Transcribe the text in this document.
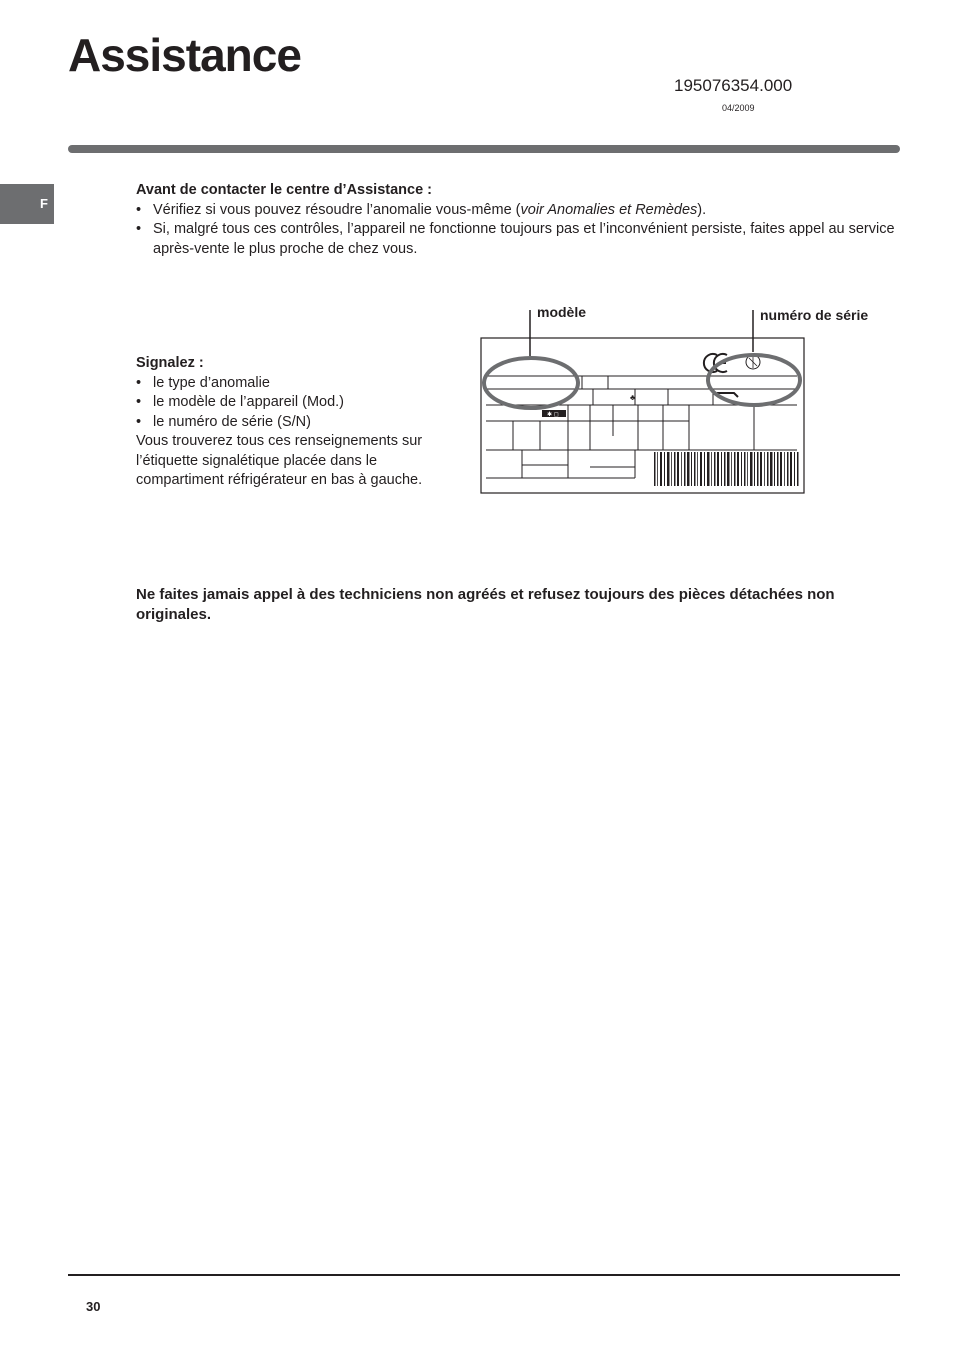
Assistance
195076354.000
04/2009
F
Avant de contacter le centre d’Assistance :
• Vérifiez si vous pouvez résoudre l’anomalie vous-même (voir Anomalies et Remèdes).
• Si, malgré tous ces contrôles, l’appareil ne fonctionne toujours pas et l’inconvénient persiste, faites appel au service après-vente le plus proche de chez vous.
Signalez :
• le type d’anomalie
• le modèle de l’appareil (Mod.)
• le numéro de série (S/N)
Vous trouverez tous ces renseignements sur l’étiquette signalétique placée dans le compartiment réfrigérateur en bas à gauche.
✱ ◻
♣
modèle	numéro de série
Ne faites jamais appel à des techniciens non agréés et refusez toujours des pièces détachées non originales.
30
